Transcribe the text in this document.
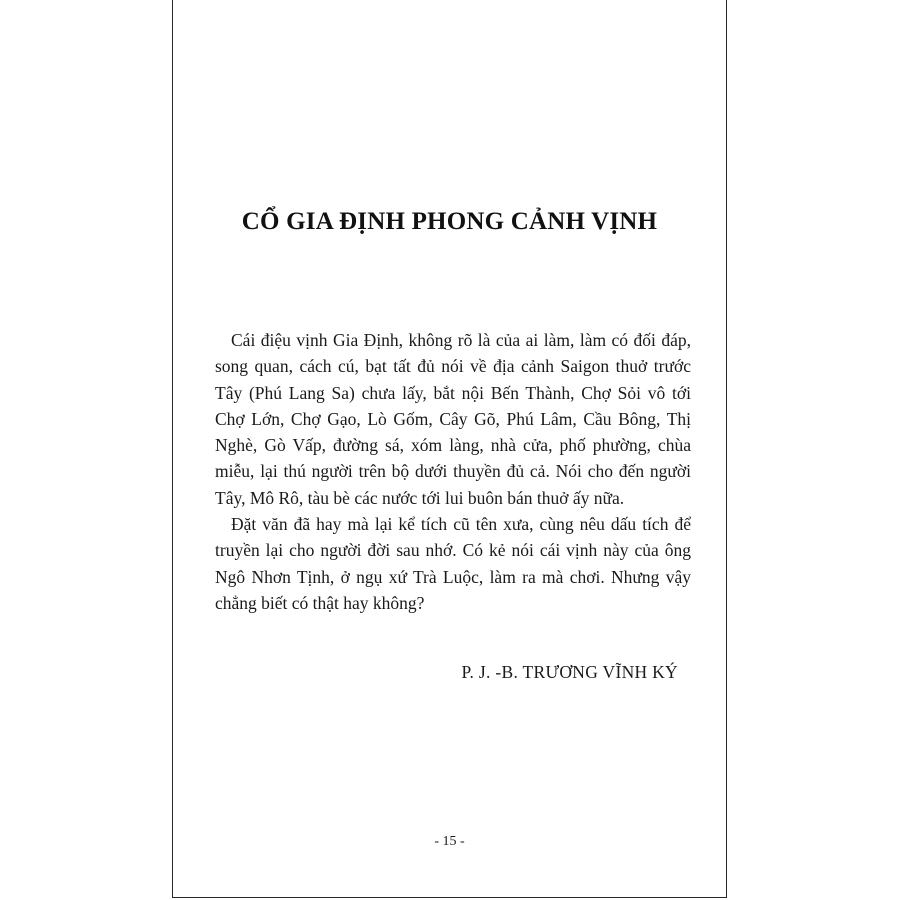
CỔ GIA ĐỊNH PHONG CẢNH VỊNH

Cái điệu vịnh Gia Định, không rõ là của ai làm, làm có đối đáp, song quan, cách cú, bạt tất đủ nói về địa cảnh Saigon thuở trước Tây (Phú Lang Sa) chưa lấy, bắt nội Bến Thành, Chợ Sỏi vô tới Chợ Lớn, Chợ Gạo, Lò Gốm, Cây Gõ, Phú Lâm, Cầu Bông, Thị Nghè, Gò Vấp, đường sá, xóm làng, nhà cửa, phố phường, chùa miễu, lại thú người trên bộ dưới thuyền đủ cả. Nói cho đến người Tây, Mô Rô, tàu bè các nước tới lui buôn bán thuở ấy nữa.

Đặt văn đã hay mà lại kể tích cũ tên xưa, cùng nêu dấu tích để truyền lại cho người đời sau nhớ. Có kẻ nói cái vịnh này của ông Ngô Nhơn Tịnh, ở ngụ xứ Trà Luộc, làm ra mà chơi. Nhưng vậy chẳng biết có thật hay không?

P. J. -B. TRƯƠNG VĨNH KÝ
- 15 -
